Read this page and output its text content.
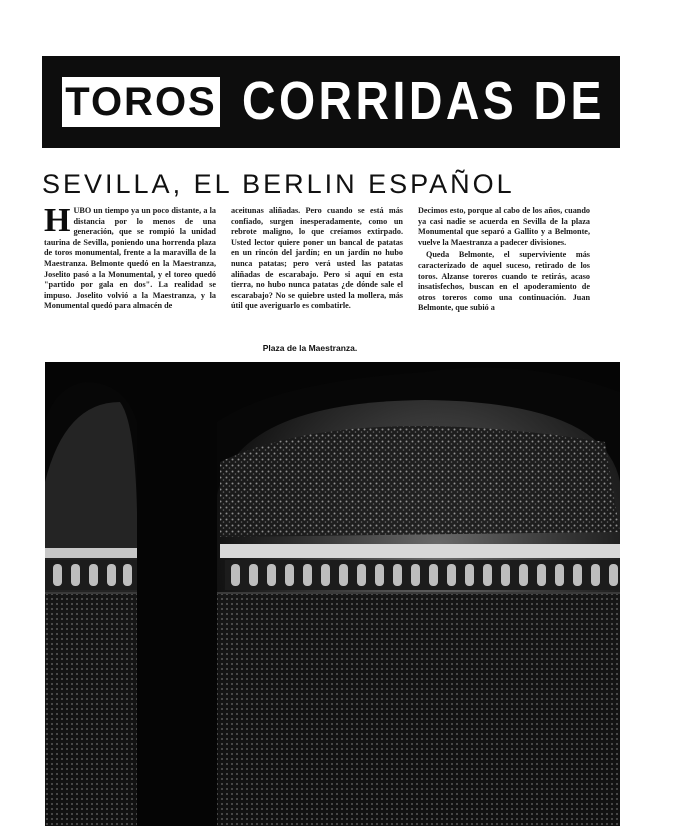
TOROS CORRIDAS DE LA
SEVILLA, EL BERLIN ESPAÑOL
H UBO un tiempo ya un poco distante, a la distancia por lo menos de una generación, que se rompió la unidad taurina de Sevilla, poniendo una horrenda plaza de toros monumental, frente a la maravilla de la Maestranza. Belmonte quedó en la Maestranza, Joselito pasó a la Monumental, y el toreo quedó "partido por gala en dos". La realidad se impuso. Joselito volvió a la Maestranza, y la Monumental quedó para almacén de

aceitunas aliñadas. Pero cuando se está más confiado, surgen inesperadamente, como un rebrote maligno, lo que creíamos extirpado. Usted lector quiere poner un bancal de patatas en un rincón del jardín; en un jardín no hubo nunca patatas; pero verá usted las patatas aliñadas de escarabajo. Pero si aquí en esta tierra, no hubo nunca patatas ¿de dónde sale el escarabajo? No se quiebre usted la mollera, más útil que averiguarlo es combatirle.

Decimos esto, porque al cabo de los años, cuando ya casi nadie se acuerda en Sevilla de la plaza Monumental que separó a Gallito y a Belmonte, vuelve la Maestranza a padecer divisiones.

Queda Belmonte, el superviviente más caracterizado de aquel suceso, retirado de los toros. Alzanse toreros cuando te retirás, acaso insatisfechos, buscan en el apoderamiento de otros toreros como una continuación. Juan Belmonte, que subió a

Plaza de la Maestranza.
